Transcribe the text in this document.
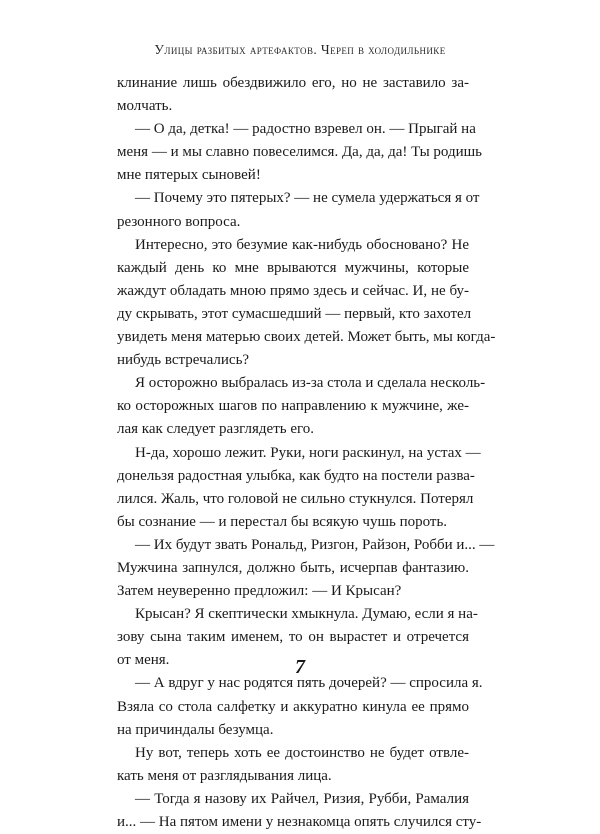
Улицы разбитых артефактов. Череп в холодильнике
клинание лишь обездвижило его, но не заставило за-
молчать.
— О да, детка! — радостно взревел он. — Прыгай на
меня — и мы славно повеселимся. Да, да, да! Ты родишь
мне пятерых сыновей!
— Почему это пятерых? — не сумела удержаться я от
резонного вопроса.
Интересно, это безумие как-нибудь обосновано? Не
каждый день ко мне врываются мужчины, которые
жаждут обладать мною прямо здесь и сейчас. И, не бу-
ду скрывать, этот сумасшедший — первый, кто захотел
увидеть меня матерью своих детей. Может быть, мы когда-
нибудь встречались?
Я осторожно выбралась из-за стола и сделала несколь-
ко осторожных шагов по направлению к мужчине, же-
лая как следует разглядеть его.
Н-да, хорошо лежит. Руки, ноги раскинул, на устах —
донельзя радостная улыбка, как будто на постели разва-
лился. Жаль, что головой не сильно стукнулся. Потерял
бы сознание — и перестал бы всякую чушь пороть.
— Их будут звать Рональд, Ризгон, Райзон, Робби и... —
Мужчина запнулся, должно быть, исчерпав фантазию.
Затем неуверенно предложил: — И Крысан?
Крысан? Я скептически хмыкнула. Думаю, если я на-
зову сына таким именем, то он вырастет и отречется
от меня.
— А вдруг у нас родятся пять дочерей? — спросила я.
Взяла со стола салфетку и аккуратно кинула ее прямо
на причиндалы безумца.
Ну вот, теперь хоть ее достоинство не будет отвле-
кать меня от разглядывания лица.
— Тогда я назову их Райчел, Ризия, Рубби, Рамалия
и... — На пятом имени у незнакомца опять случился сту-
7
